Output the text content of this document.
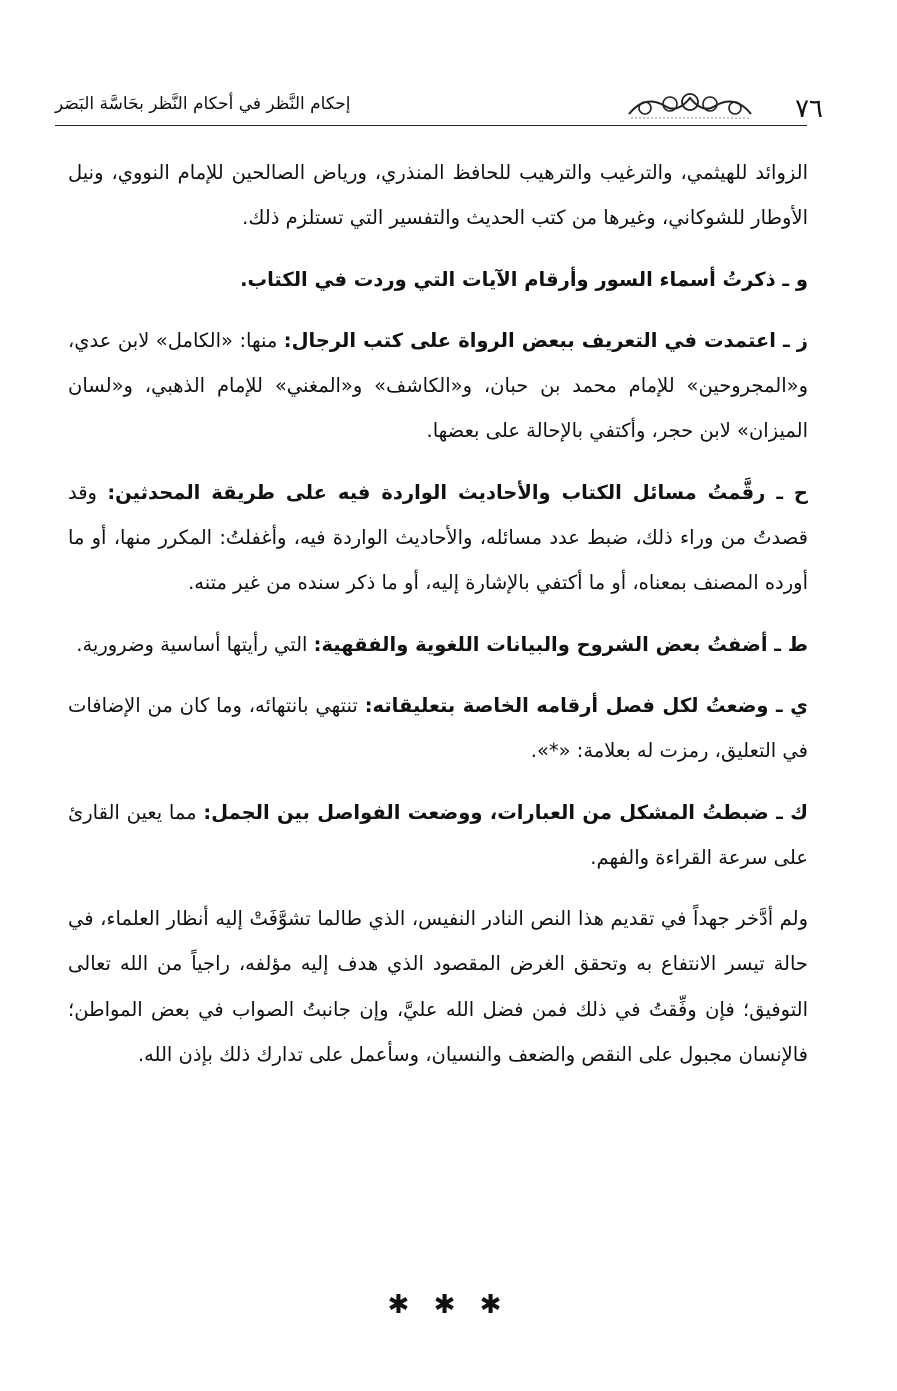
٧٦
إحكام النَّظر في أحكام النَّظر بحَاسَّة البَصَر

الزوائد للهيثمي، والترغيب والترهيب للحافظ المنذري، ورياض الصالحين للإمام النووي، ونيل الأوطار للشوكاني، وغيرها من كتب الحديث والتفسير التي تستلزم ذلك.

و ـ ذكرتُ أسماء السور وأرقام الآيات التي وردت في الكتاب.

ز ـ اعتمدت في التعريف ببعض الرواة على كتب الرجال: منها: «الكامل» لابن عدي، و«المجروحين» للإمام محمد بن حبان، و«الكاشف» و«المغني» للإمام الذهبي، و«لسان الميزان» لابن حجر، وأكتفي بالإحالة على بعضها.

ح ـ رقَّمتُ مسائل الكتاب والأحاديث الواردة فيه على طريقة المحدثين: وقد قصدتُ من وراء ذلك، ضبط عدد مسائله، والأحاديث الواردة فيه، وأغفلتُ: المكرر منها، أو ما أورده المصنف بمعناه، أو ما أكتفي بالإشارة إليه، أو ما ذكر سنده من غير متنه.

ط ـ أضفتُ بعض الشروح والبيانات اللغوية والفقهية: التي رأيتها أساسية وضرورية.

ي ـ وضعتُ لكل فصل أرقامه الخاصة بتعليقاته: تنتهي بانتهائه، وما كان من الإضافات في التعليق، رمزت له بعلامة: «*».

ك ـ ضبطتُ المشكل من العبارات، ووضعت الفواصل بين الجمل: مما يعين القارئ على سرعة القراءة والفهم.

ولم أدَّخر جهداً في تقديم هذا النص النادر النفيس، الذي طالما تشوَّفَتْ إليه أنظار العلماء، في حالة تيسر الانتفاع به وتحقق الغرض المقصود الذي هدف إليه مؤلفه، راجياً من الله تعالى التوفيق؛ فإن وفِّقتُ في ذلك فمن فضل الله عليَّ، وإن جانبتُ الصواب في بعض المواطن؛ فالإنسان مجبول على النقص والضعف والنسيان، وسأعمل على تدارك ذلك بإذن الله.

✱ ✱ ✱
